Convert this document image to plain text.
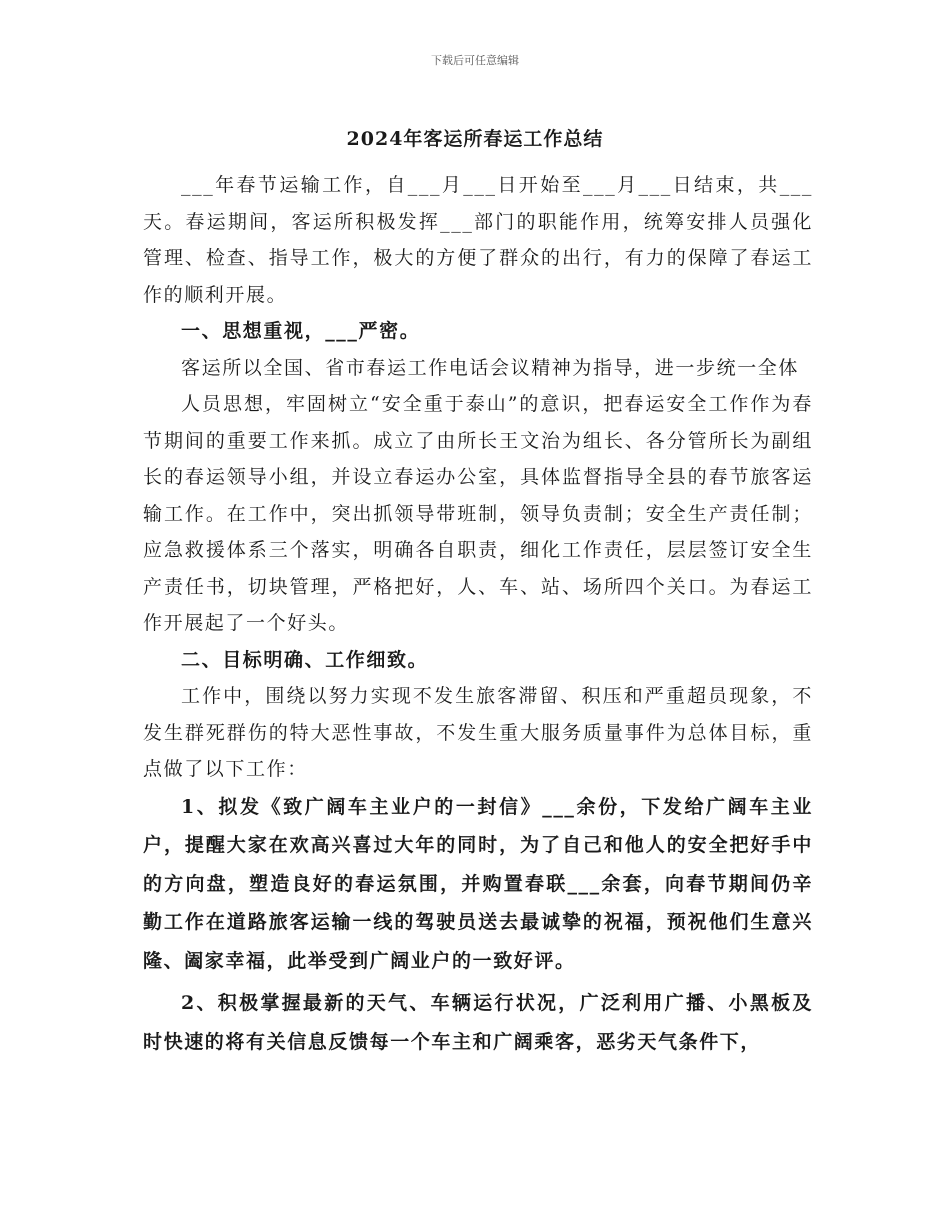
下载后可任意编辑
2024年客运所春运工作总结

___年春节运输工作，自___月___日开始至___月___日结束，共___天。春运期间，客运所积极发挥___部门的职能作用，统筹安排人员强化管理、检查、指导工作，极大的方便了群众的出行，有力的保障了春运工作的顺利开展。

一、思想重视，___严密。

客运所以全国、省市春运工作电话会议精神为指导，进一步统一全体

人员思想，牢固树立“安全重于泰山”的意识，把春运安全工作作为春节期间的重要工作来抓。成立了由所长王文治为组长、各分管所长为副组长的春运领导小组，并设立春运办公室，具体监督指导全县的春节旅客运输工作。在工作中，突出抓领导带班制，领导负责制；安全生产责任制；应急救援体系三个落实，明确各自职责，细化工作责任，层层签订安全生产责任书，切块管理，严格把好，人、车、站、场所四个关口。为春运工作开展起了一个好头。

二、目标明确、工作细致。

工作中，围绕以努力实现不发生旅客滞留、积压和严重超员现象，不发生群死群伤的特大恶性事故，不发生重大服务质量事件为总体目标，重点做了以下工作：

1、拟发《致广阔车主业户的一封信》___余份，下发给广阔车主业户，提醒大家在欢高兴喜过大年的同时，为了自己和他人的安全把好手中的方向盘，塑造良好的春运氛围，并购置春联___余套，向春节期间仍辛勤工作在道路旅客运输一线的驾驶员送去最诚挚的祝福，预祝他们生意兴隆、阖家幸福，此举受到广阔业户的一致好评。

2、积极掌握最新的天气、车辆运行状况，广泛利用广播、小黑板及时快速的将有关信息反馈每一个车主和广阔乘客，恶劣天气条件下，
